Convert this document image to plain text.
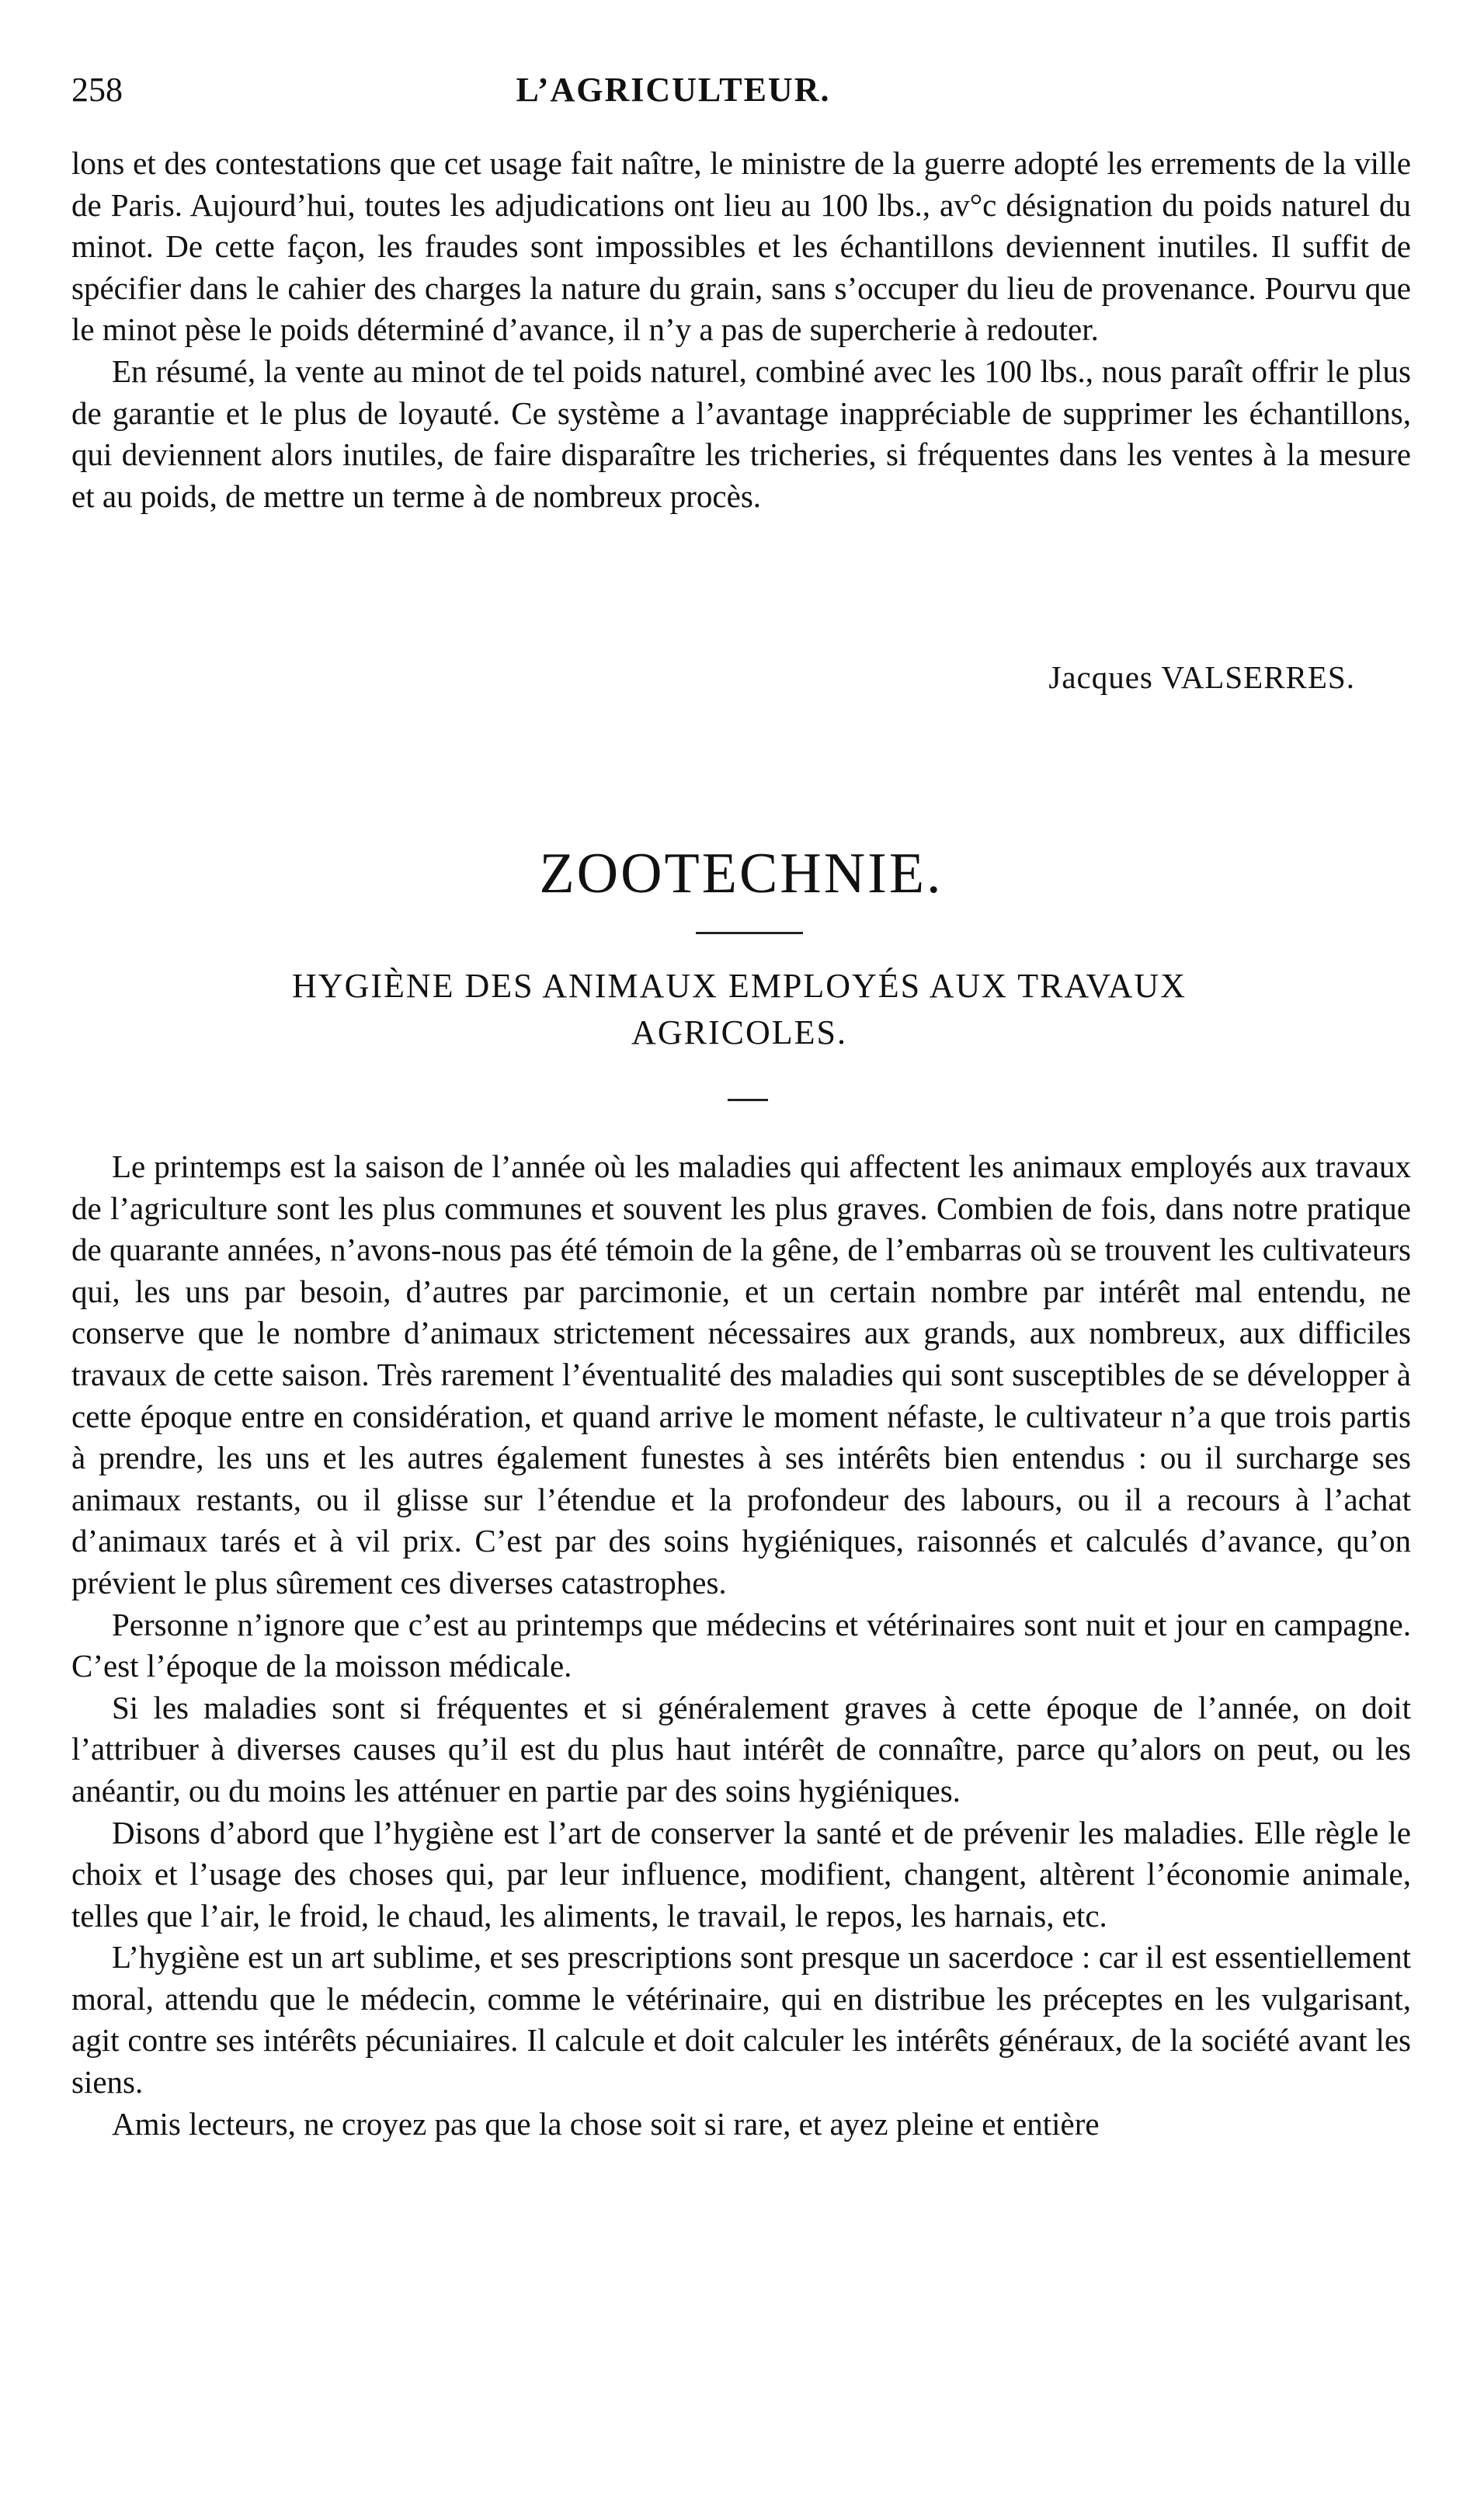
258	L’AGRICULTEUR.

lons et des contestations que cet usage fait naître, le ministre de la guerre adopté les errements de la ville de Paris. Aujourd’hui, toutes les adjudications ont lieu au 100 lbs., av°c désignation du poids naturel du minot. De cette façon, les fraudes sont impossibles et les échantillons deviennent inutiles. Il suffit de spécifier dans le cahier des charges la nature du grain, sans s’occuper du lieu de provenance. Pourvu que le minot pèse le poids déterminé d’avance, il n’y a pas de supercherie à redouter.

En résumé, la vente au minot de tel poids naturel, combiné avec les 100 lbs., nous paraît offrir le plus de garantie et le plus de loyauté. Ce système a l’avantage inappréciable de supprimer les échantillons, qui deviennent alors inutiles, de faire disparaître les tricheries, si fréquentes dans les ventes à la mesure et au poids, de mettre un terme à de nombreux procès.

Jacques VALSERRES.
ZOOTECHNIE.
HYGIÈNE DES ANIMAUX EMPLOYÉS AUX TRAVAUX
AGRICOLES.

Le printemps est la saison de l’année où les maladies qui affectent les animaux employés aux travaux de l’agriculture sont les plus communes et souvent les plus graves. Combien de fois, dans notre pratique de quarante années, n’avons-nous pas été témoin de la gêne, de l’embarras où se trouvent les cultivateurs qui, les uns par besoin, d’autres par parcimonie, et un certain nombre par intérêt mal entendu, ne conserve que le nombre d’animaux strictement nécessaires aux grands, aux nombreux, aux difficiles travaux de cette saison. Très rarement l’éventualité des maladies qui sont susceptibles de se développer à cette époque entre en considération, et quand arrive le moment néfaste, le cultivateur n’a que trois partis à prendre, les uns et les autres également funestes à ses intérêts bien entendus : ou il surcharge ses animaux restants, ou il glisse sur l’étendue et la profondeur des labours, ou il a recours à l’achat d’animaux tarés et à vil prix. C’est par des soins hygiéniques, raisonnés et calculés d’avance, qu’on prévient le plus sûrement ces diverses catastrophes.

Personne n’ignore que c’est au printemps que médecins et vétérinaires sont nuit et jour en campagne. C’est l’époque de la moisson médicale.

Si les maladies sont si fréquentes et si généralement graves à cette époque de l’année, on doit l’attribuer à diverses causes qu’il est du plus haut intérêt de connaître, parce qu’alors on peut, ou les anéantir, ou du moins les atténuer en partie par des soins hygiéniques.

Disons d’abord que l’hygiène est l’art de conserver la santé et de prévenir les maladies. Elle règle le choix et l’usage des choses qui, par leur influence, modifient, changent, altèrent l’économie animale, telles que l’air, le froid, le chaud, les aliments, le travail, le repos, les harnais, etc.

L’hygiène est un art sublime, et ses prescriptions sont presque un sacerdoce : car il est essentiellement moral, attendu que le médecin, comme le vétérinaire, qui en distribue les préceptes en les vulgarisant, agit contre ses intérêts pécuniaires. Il calcule et doit calculer les intérêts généraux, de la société avant les siens.

Amis lecteurs, ne croyez pas que la chose soit si rare, et ayez pleine et entière
